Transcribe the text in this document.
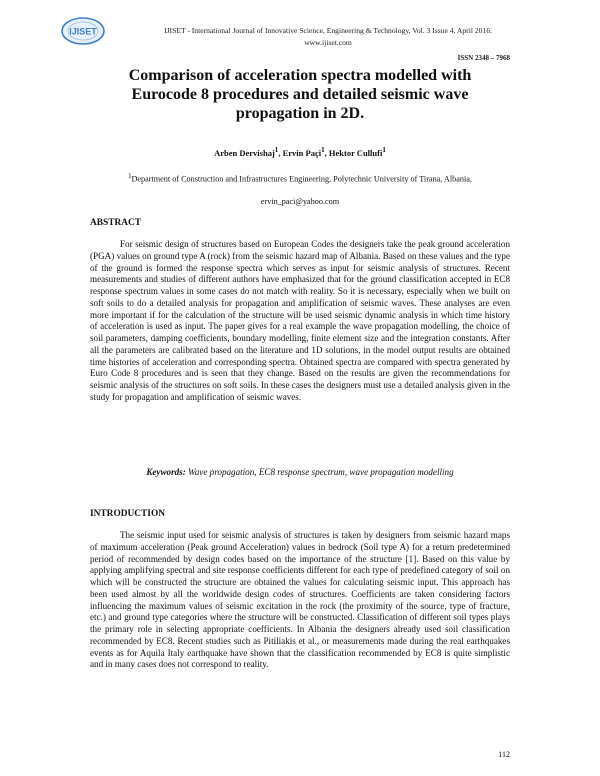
IJISET	IJISET - International Journal of Innovative Science, Engineering & Technology, Vol. 3 Issue 4, April 2016.
www.ijiset.com
ISSN 2348 – 7968
Comparison of acceleration spectra modelled with Eurocode 8 procedures and detailed seismic wave propagation in 2D.
Arben Dervishaj$^1$, Ervin Paçi$^1$, Hektor Cullufi$^1$
$^1$Department of Construction and Infrastructures Engineering, Polytechnic University of Tirana, Albania,
ervin_paci@yahoo.com
ABSTRACT

For seismic design of structures based on European Codes the designers take the peak ground acceleration (PGA) values on ground type A (rock) from the seismic hazard map of Albania. Based on these values and the type of the ground is formed the response spectra which serves as input for seismic analysis of structures. Recent measurements and studies of different authors have emphasized that for the ground classification accepted in EC8 response spectrum values in some cases do not match with reality. So it is necessary, especially when we built on soft soils to do a detailed analysis for propagation and amplification of seismic waves. These analyses are even more important if for the calculation of the structure will be used seismic dynamic analysis in which time history of acceleration is used as input. The paper gives for a real example the wave propagation modelling, the choice of soil parameters, damping coefficients, boundary modelling, finite element size and the integration constants. After all the parameters are calibrated based on the literature and 1D solutions, in the model output results are obtained time histories of acceleration and corresponding spectra. Obtained spectra are compared with spectra generated by Euro Code 8 procedures and is seen that they change. Based on the results are given the recommendations for seismic analysis of the structures on soft soils. In these cases the designers must use a detailed analysis given in the study for propagation and amplification of seismic waves.

Keywords: Wave propagation, EC8 response spectrum, wave propagation modelling
INTRODUCTION

The seismic input used for seismic analysis of structures is taken by designers from seismic hazard maps of maximum acceleration (Peak ground Acceleration) values in bedrock (Soil type A) for a return predetermined period of recommended by design codes based on the importance of the structure [1]. Based on this value by applying amplifying spectral and site response coefficients different for each type of predefined category of soil on which will be constructed the structure are obtained the values for calculating seismic input. This approach has been used almost by all the worldwide design codes of structures. Coefficients are taken considering factors influencing the maximum values of seismic excitation in the rock (the proximity of the source, type of fracture, etc.) and ground type categories where the structure will be constructed. Classification of different soil types plays the primary role in selecting appropriate coefficients. In Albania the designers already used soil classification recommended by EC8. Recent studies such as Pitiliakis et al., or measurements made during the real earthquakes events as for Aquila Italy earthquake have shown that the classification recommended by EC8 is quite simplistic and in many cases does not correspond to reality.

112
